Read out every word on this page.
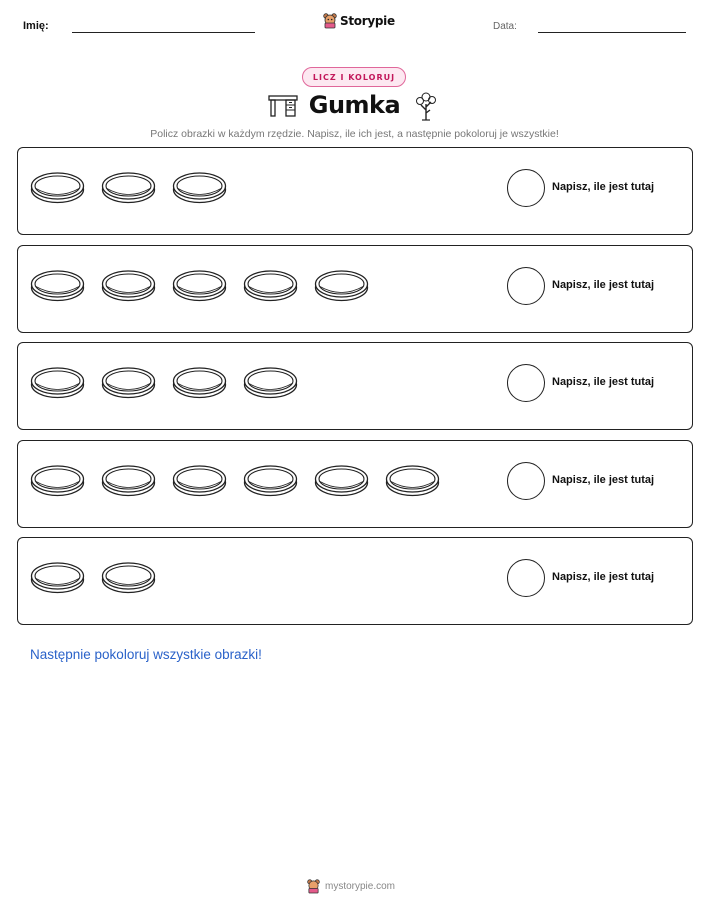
Imię:	Storypie	Data:
LICZ I KOLORUJ
Gumka
Policz obrazki w każdym rzędzie. Napisz, ile ich jest, a następnie pokoloruj je wszystkie!
Napisz, ile jest tutaj
Napisz, ile jest tutaj
Napisz, ile jest tutaj
Napisz, ile jest tutaj
Napisz, ile jest tutaj
Następnie pokoloruj wszystkie obrazki!
mystorypie.com
